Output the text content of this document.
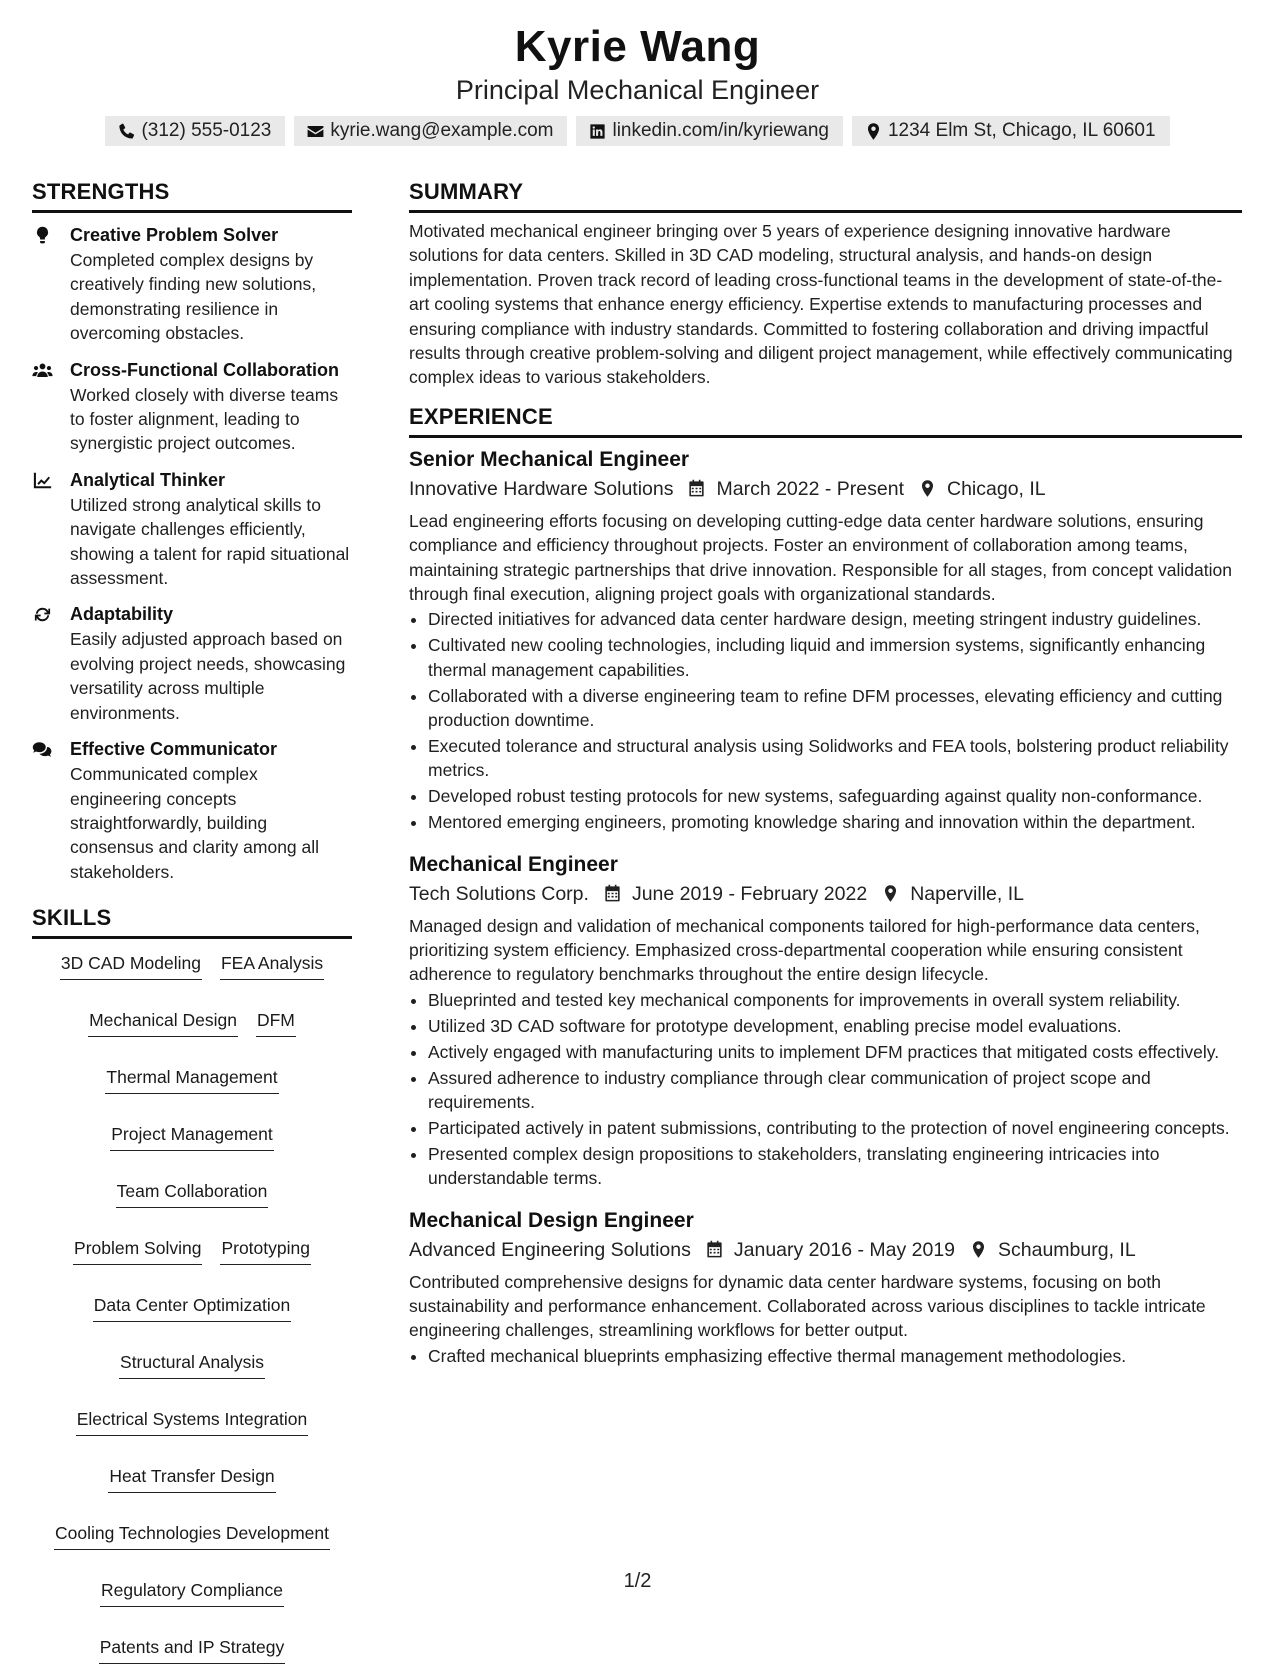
Kyrie Wang
Principal Mechanical Engineer
(312) 555-0123	kyrie.wang@example.com	linkedin.com/in/kyriewang	1234 Elm St, Chicago, IL 60601
STRENGTHS
Creative Problem Solver
Completed complex designs by creatively finding new solutions, demonstrating resilience in overcoming obstacles.
Cross-Functional Collaboration
Worked closely with diverse teams to foster alignment, leading to synergistic project outcomes.
Analytical Thinker
Utilized strong analytical skills to navigate challenges efficiently, showing a talent for rapid situational assessment.
Adaptability
Easily adjusted approach based on evolving project needs, showcasing versatility across multiple environments.
Effective Communicator
Communicated complex engineering concepts straightforwardly, building consensus and clarity among all stakeholders.
SKILLS
3D CAD Modeling FEA Analysis
Mechanical Design DFM
Thermal Management
Project Management
Team Collaboration
Problem Solving Prototyping
Data Center Optimization
Structural Analysis
Electrical Systems Integration
Heat Transfer Design
Cooling Technologies Development
Regulatory Compliance
Patents and IP Strategy
SUMMARY
Motivated mechanical engineer bringing over 5 years of experience designing innovative hardware solutions for data centers. Skilled in 3D CAD modeling, structural analysis, and hands-on design implementation. Proven track record of leading cross-functional teams in the development of state-of-the-art cooling systems that enhance energy efficiency. Expertise extends to manufacturing processes and ensuring compliance with industry standards. Committed to fostering collaboration and driving impactful results through creative problem-solving and diligent project management, while effectively communicating complex ideas to various stakeholders.
EXPERIENCE
Senior Mechanical Engineer
Innovative Hardware Solutions March 2022 - Present Chicago, IL
Lead engineering efforts focusing on developing cutting-edge data center hardware solutions, ensuring compliance and efficiency throughout projects. Foster an environment of collaboration among teams, maintaining strategic partnerships that drive innovation. Responsible for all stages, from concept validation through final execution, aligning project goals with organizational standards.
• Directed initiatives for advanced data center hardware design, meeting stringent industry guidelines.
• Cultivated new cooling technologies, including liquid and immersion systems, significantly enhancing thermal management capabilities.
• Collaborated with a diverse engineering team to refine DFM processes, elevating efficiency and cutting production downtime.
• Executed tolerance and structural analysis using Solidworks and FEA tools, bolstering product reliability metrics.
• Developed robust testing protocols for new systems, safeguarding against quality non-conformance.
• Mentored emerging engineers, promoting knowledge sharing and innovation within the department.
Mechanical Engineer
Tech Solutions Corp. June 2019 - February 2022 Naperville, IL
Managed design and validation of mechanical components tailored for high-performance data centers, prioritizing system efficiency. Emphasized cross-departmental cooperation while ensuring consistent adherence to regulatory benchmarks throughout the entire design lifecycle.
• Blueprinted and tested key mechanical components for improvements in overall system reliability.
• Utilized 3D CAD software for prototype development, enabling precise model evaluations.
• Actively engaged with manufacturing units to implement DFM practices that mitigated costs effectively.
• Assured adherence to industry compliance through clear communication of project scope and requirements.
• Participated actively in patent submissions, contributing to the protection of novel engineering concepts.
• Presented complex design propositions to stakeholders, translating engineering intricacies into understandable terms.
Mechanical Design Engineer
Advanced Engineering Solutions January 2016 - May 2019 Schaumburg, IL
Contributed comprehensive designs for dynamic data center hardware systems, focusing on both sustainability and performance enhancement. Collaborated across various disciplines to tackle intricate engineering challenges, streamlining workflows for better output.
• Crafted mechanical blueprints emphasizing effective thermal management methodologies.
1/2
